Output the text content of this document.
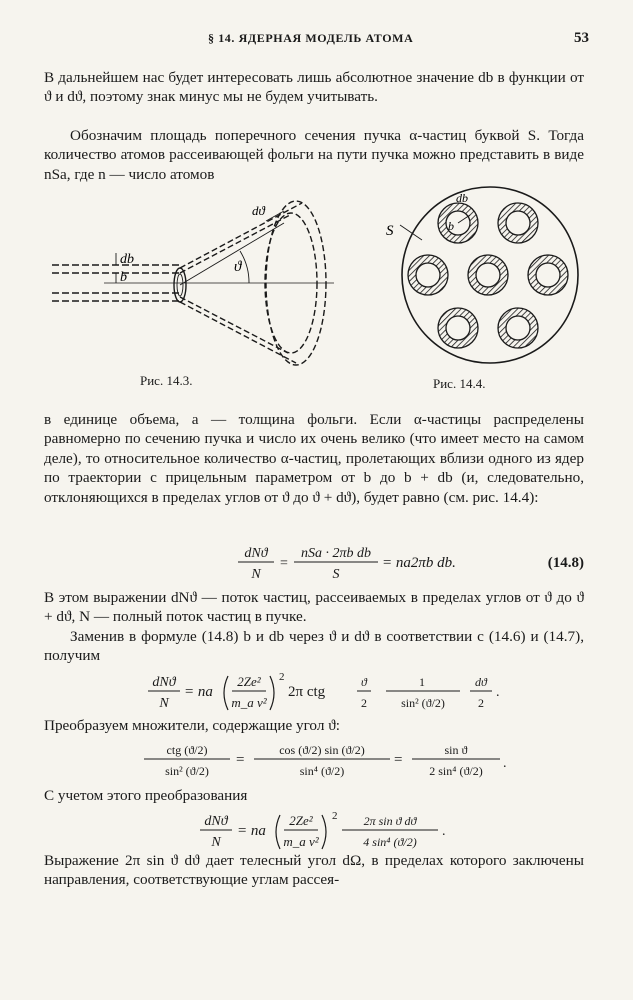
§ 14. ЯДЕРНАЯ МОДЕЛЬ АТОМА	53

В дальнейшем нас будет интересовать лишь абсолютное значение db в функции от ϑ и dϑ, поэтому знак минус мы не будем учитывать.

Обозначим площадь поперечного сечения пучка α-частиц буквой S. Тогда количество атомов рассеивающей фольги на пути пучка можно представить в виде nSa, где n — число атомов

db
b
dϑ
ϑ
Рис. 14.3.
S
db
b
Рис. 14.4.

в единице объема, a — толщина фольги. Если α-частицы распределены равномерно по сечению пучка и число их очень велико (что имеет место на самом деле), то относительное количество α-частиц, пролетающих вблизи одного из ядер по траектории с прицельным параметром от b до b + db (и, следовательно, отклоняющихся в пределах углов от ϑ до ϑ + dϑ), будет равно (см. рис. 14.4):

dNϑ
N
=
nSa · 2πb db
S
= na2πb db.	(14.8)

В этом выражении dNϑ — поток частиц, рассеиваемых в пределах углов от ϑ до ϑ + dϑ, N — полный поток частиц в пучке.

Заменив в формуле (14.8) b и db через ϑ и dϑ в соответствии с (14.6) и (14.7), получим

dNϑ
N
= na
2Ze²
m_a v²
2
2π ctg
ϑ
2
1
sin² (ϑ/2)
dϑ
2
.

Преобразуем множители, содержащие угол ϑ:

ctg (ϑ/2)
sin² (ϑ/2)
=
cos (ϑ/2) sin (ϑ/2)
sin⁴ (ϑ/2)
=
sin ϑ
2 sin⁴ (ϑ/2) .

С учетом этого преобразования

dNϑ
N
= na
2Ze²
m_a v²
2 2π sin ϑ dϑ
4 sin⁴ (ϑ/2)
.

Выражение 2π sin ϑ dϑ дает телесный угол dΩ, в пределах которого заключены направления, соответствующие углам рассея-
